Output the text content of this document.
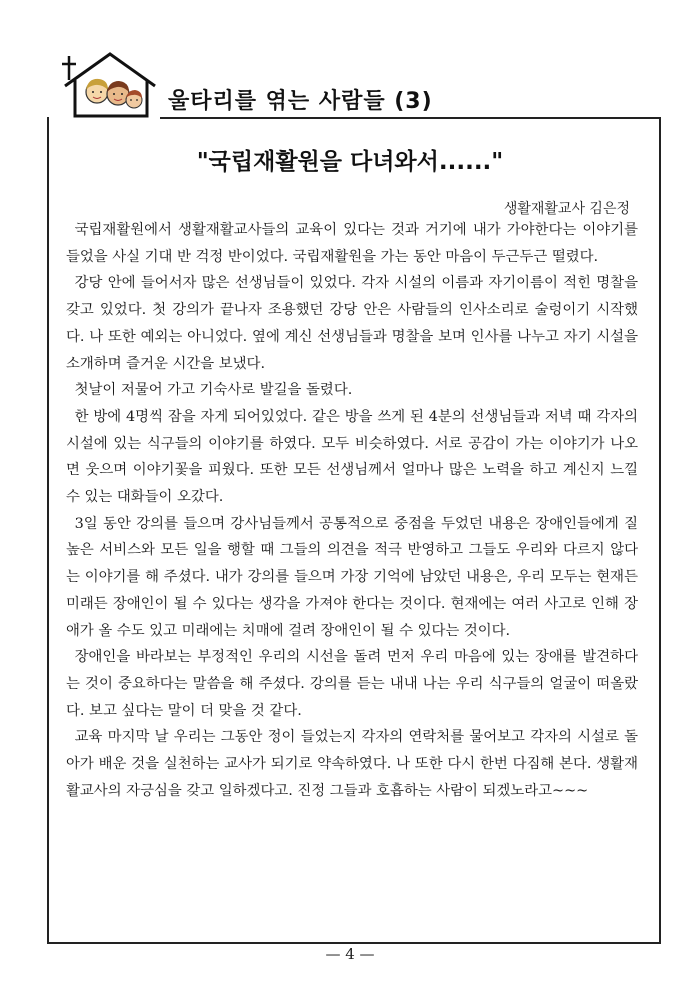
울타리를 엮는 사람들 (3)
"국립재활원을 다녀와서......"
생활재활교사 김은정

국립재활원에서 생활재활교사들의 교육이 있다는 것과 거기에 내가 가야한다는 이야기를 들었을 사실 기대 반 걱정 반이었다. 국립재활원을 가는 동안 마음이 두근두근 떨렸다.

강당 안에 들어서자 많은 선생님들이 있었다. 각자 시설의 이름과 자기이름이 적힌 명찰을 갖고 있었다. 첫 강의가 끝나자 조용했던 강당 안은 사람들의 인사소리로 술렁이기 시작했다. 나 또한 예외는 아니었다. 옆에 계신 선생님들과 명찰을 보며 인사를 나누고 자기 시설을 소개하며 즐거운 시간을 보냈다.

첫날이 저물어 가고 기숙사로 발길을 돌렸다.

한 방에 4명씩 잠을 자게 되어있었다. 같은 방을 쓰게 된 4분의 선생님들과 저녁 때 각자의 시설에 있는 식구들의 이야기를 하였다. 모두 비슷하였다. 서로 공감이 가는 이야기가 나오면 웃으며 이야기꽃을 피웠다. 또한 모든 선생님께서 얼마나 많은 노력을 하고 계신지 느낄 수 있는 대화들이 오갔다.

3일 동안 강의를 들으며 강사님들께서 공통적으로 중점을 두었던 내용은 장애인들에게 질 높은 서비스와 모든 일을 행할 때 그들의 의견을 적극 반영하고 그들도 우리와 다르지 않다는 이야기를 해 주셨다. 내가 강의를 들으며 가장 기억에 남았던 내용은, 우리 모두는 현재든 미래든 장애인이 될 수 있다는 생각을 가져야 한다는 것이다. 현재에는 여러 사고로 인해 장애가 올 수도 있고 미래에는 치매에 걸려 장애인이 될 수 있다는 것이다.

장애인을 바라보는 부정적인 우리의 시선을 돌려 먼저 우리 마음에 있는 장애를 발견하다는 것이 중요하다는 말씀을 해 주셨다. 강의를 듣는 내내 나는 우리 식구들의 얼굴이 떠올랐다. 보고 싶다는 말이 더 맞을 것 같다.

교육 마지막 날 우리는 그동안 정이 들었는지 각자의 연락처를 물어보고 각자의 시설로 돌아가 배운 것을 실천하는 교사가 되기로 약속하였다. 나 또한 다시 한번 다짐해 본다. 생활재활교사의 자긍심을 갖고 일하겠다고. 진정 그들과 호흡하는 사람이 되겠노라고~~~

— 4 —
